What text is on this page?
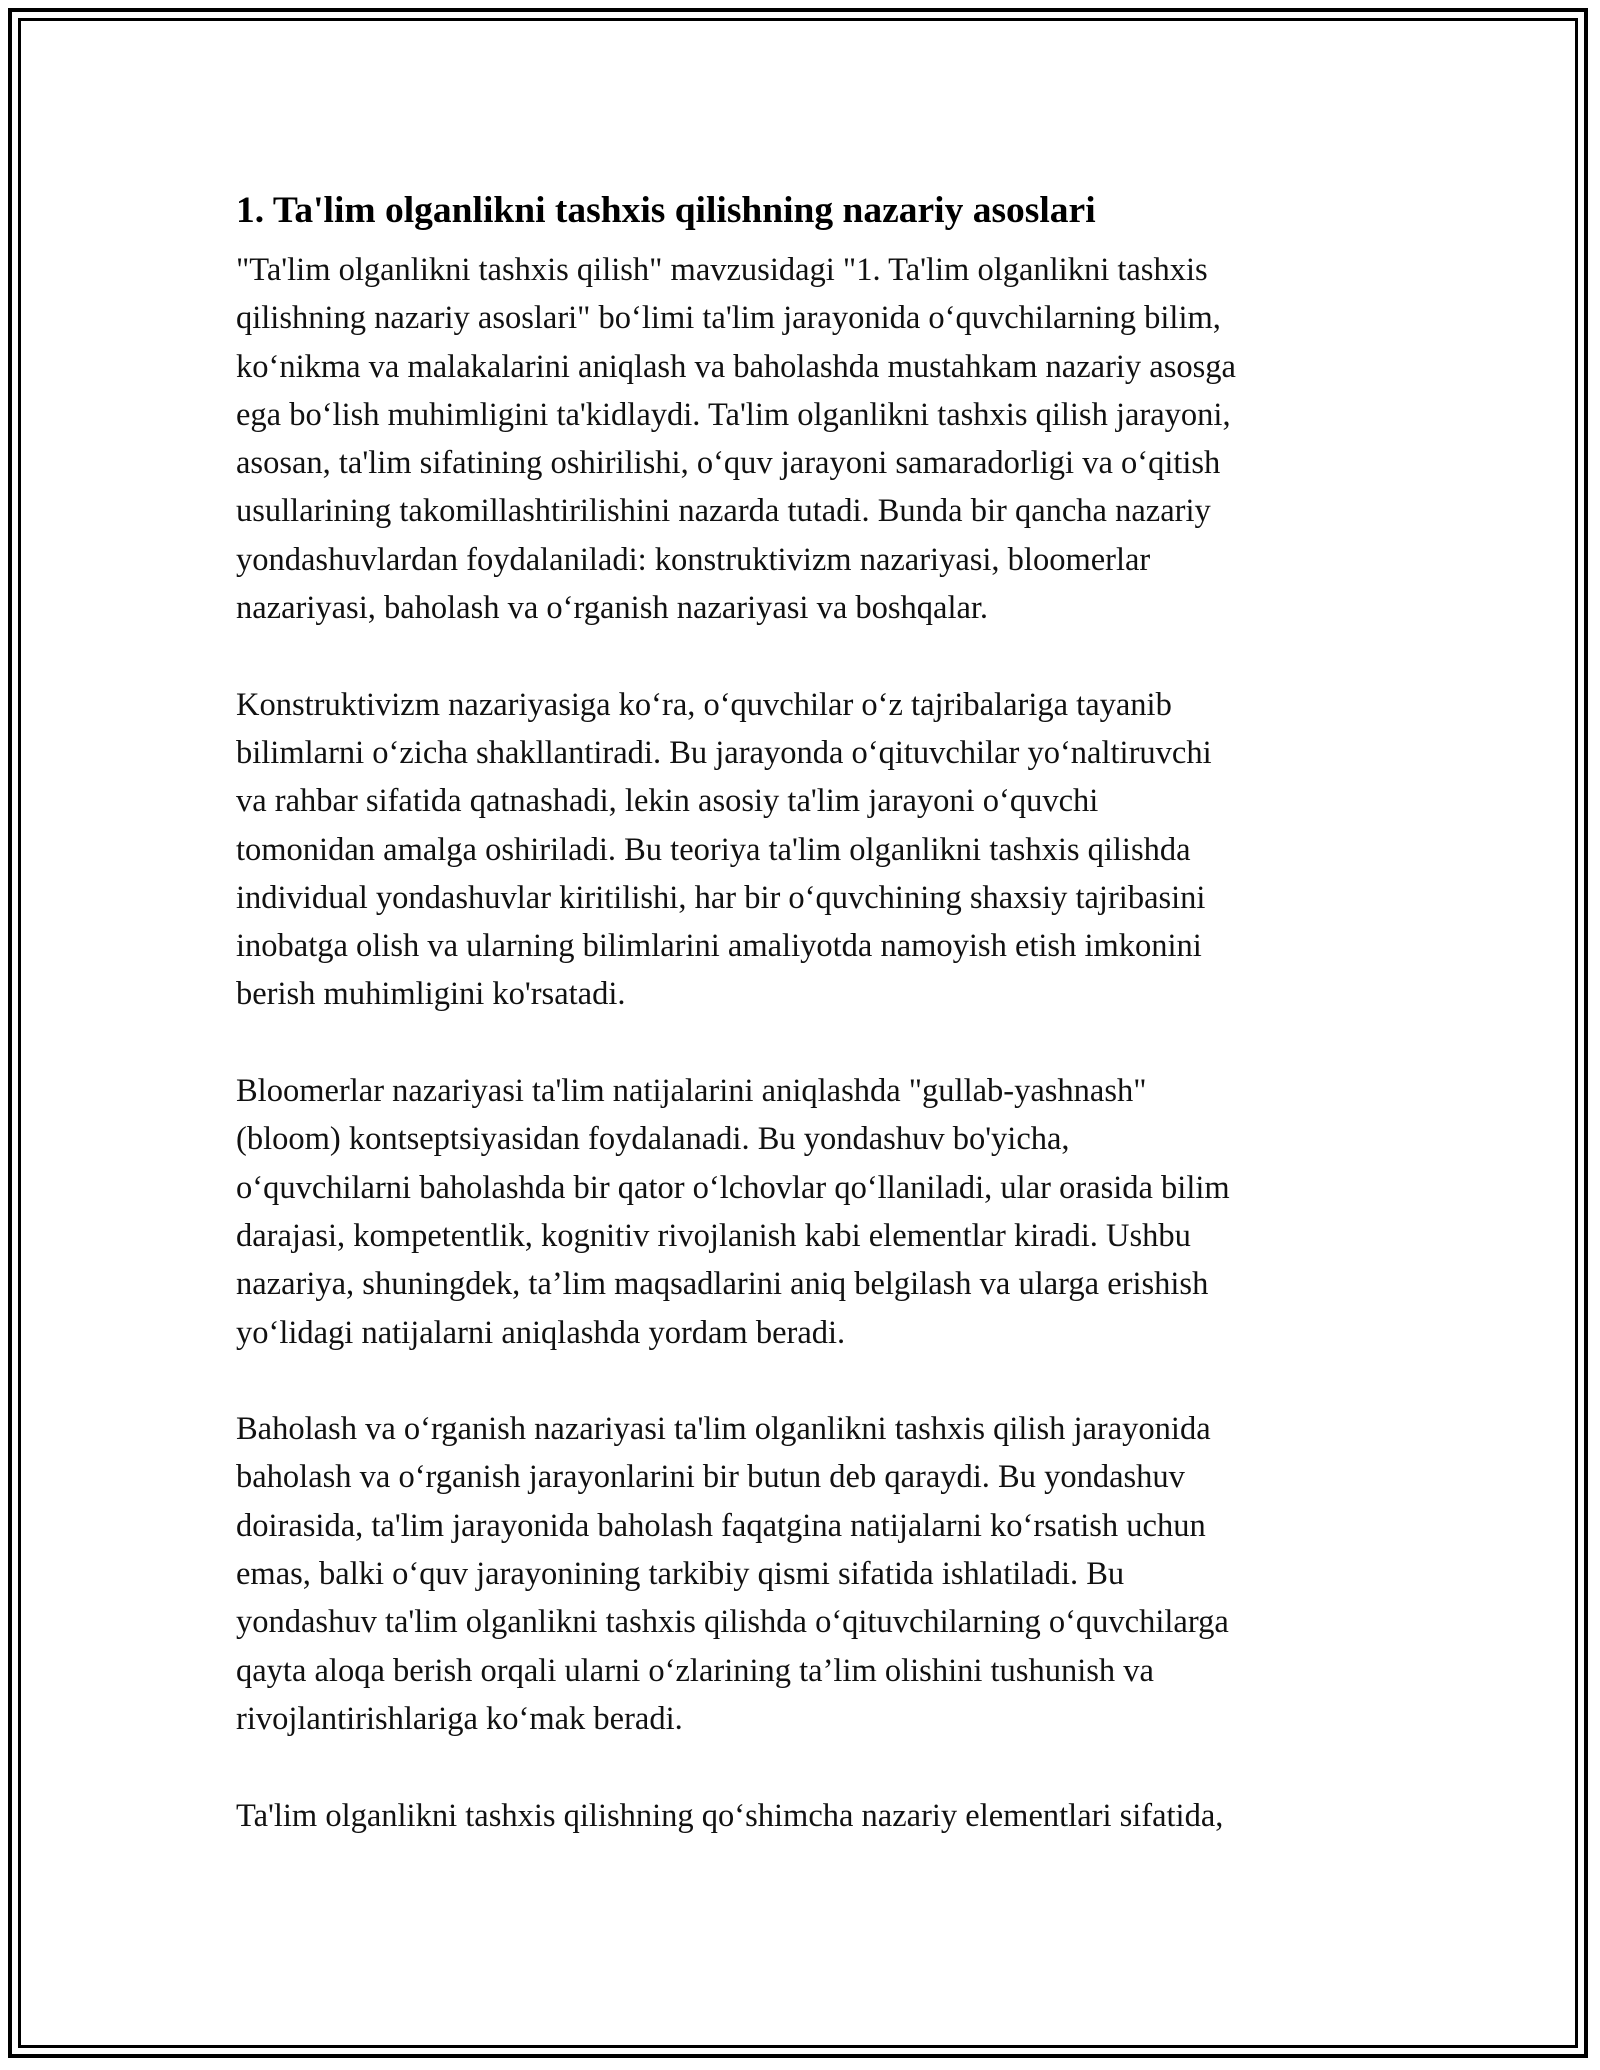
1. Ta'lim olganlikni tashxis qilishning nazariy asoslari
"Ta'lim olganlikni tashxis qilish" mavzusidagi "1. Ta'lim olganlikni tashxis
qilishning nazariy asoslari" bo‘limi ta'lim jarayonida o‘quvchilarning bilim,
ko‘nikma va malakalarini aniqlash va baholashda mustahkam nazariy asosga
ega bo‘lish muhimligini ta'kidlaydi. Ta'lim olganlikni tashxis qilish jarayoni,
asosan, ta'lim sifatining oshirilishi, o‘quv jarayoni samaradorligi va o‘qitish
usullarining takomillashtirilishini nazarda tutadi. Bunda bir qancha nazariy
yondashuvlardan foydalaniladi: konstruktivizm nazariyasi, bloomerlar
nazariyasi, baholash va o‘rganish nazariyasi va boshqalar.
Konstruktivizm nazariyasiga ko‘ra, o‘quvchilar o‘z tajribalariga tayanib
bilimlarni o‘zicha shakllantiradi. Bu jarayonda o‘qituvchilar yo‘naltiruvchi
va rahbar sifatida qatnashadi, lekin asosiy ta'lim jarayoni o‘quvchi
tomonidan amalga oshiriladi. Bu teoriya ta'lim olganlikni tashxis qilishda
individual yondashuvlar kiritilishi, har bir o‘quvchining shaxsiy tajribasini
inobatga olish va ularning bilimlarini amaliyotda namoyish etish imkonini
berish muhimligini ko'rsatadi.
Bloomerlar nazariyasi ta'lim natijalarini aniqlashda "gullab-yashnash"
(bloom) kontseptsiyasidan foydalanadi. Bu yondashuv bo'yicha,
o‘quvchilarni baholashda bir qator o‘lchovlar qo‘llaniladi, ular orasida bilim
darajasi, kompetentlik, kognitiv rivojlanish kabi elementlar kiradi. Ushbu
nazariya, shuningdek, ta’lim maqsadlarini aniq belgilash va ularga erishish
yo‘lidagi natijalarni aniqlashda yordam beradi.
Baholash va o‘rganish nazariyasi ta'lim olganlikni tashxis qilish jarayonida
baholash va o‘rganish jarayonlarini bir butun deb qaraydi. Bu yondashuv
doirasida, ta'lim jarayonida baholash faqatgina natijalarni ko‘rsatish uchun
emas, balki o‘quv jarayonining tarkibiy qismi sifatida ishlatiladi. Bu
yondashuv ta'lim olganlikni tashxis qilishda o‘qituvchilarning o‘quvchilarga
qayta aloqa berish orqali ularni o‘zlarining ta’lim olishini tushunish va
rivojlantirishlariga ko‘mak beradi.
Ta'lim olganlikni tashxis qilishning qo‘shimcha nazariy elementlari sifatida,
